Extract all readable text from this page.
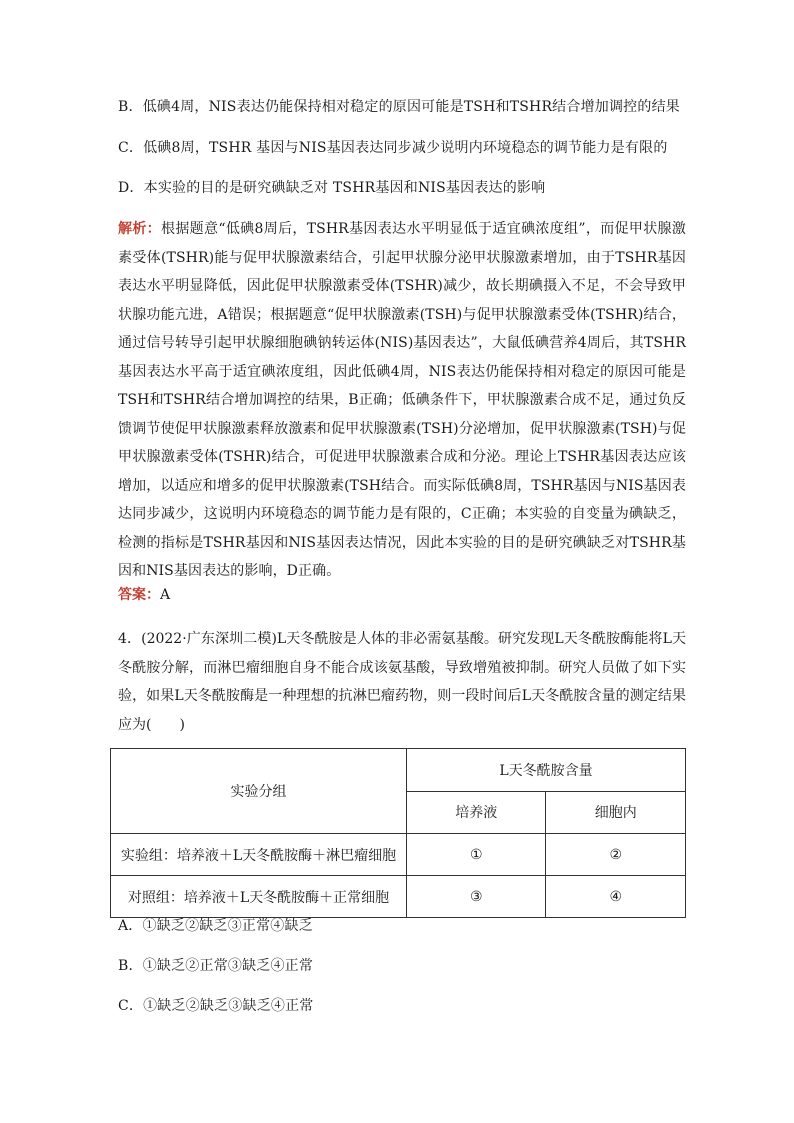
B．低碘4周，NIS表达仍能保持相对稳定的原因可能是TSH和TSHR结合增加调控的结果
C．低碘8周，TSHR 基因与NIS基因表达同步减少说明内环境稳态的调节能力是有限的
D．本实验的目的是研究碘缺乏对 TSHR基因和NIS基因表达的影响
解析：根据题意“低碘8周后，TSHR基因表达水平明显低于适宜碘浓度组”，而促甲状腺激素受体(TSHR)能与促甲状腺激素结合，引起甲状腺分泌甲状腺激素增加，由于TSHR基因表达水平明显降低，因此促甲状腺激素受体(TSHR)减少，故长期碘摄入不足，不会导致甲状腺功能亢进，A错误；根据题意“促甲状腺激素(TSH)与促甲状腺激素受体(TSHR)结合，通过信号转导引起甲状腺细胞碘钠转运体(NIS)基因表达”，大鼠低碘营养4周后，其TSHR基因表达水平高于适宜碘浓度组，因此低碘4周，NIS表达仍能保持相对稳定的原因可能是TSH和TSHR结合增加调控的结果，B正确；低碘条件下，甲状腺激素合成不足，通过负反馈调节使促甲状腺激素释放激素和促甲状腺激素(TSH)分泌增加，促甲状腺激素(TSH)与促甲状腺激素受体(TSHR)结合，可促进甲状腺激素合成和分泌。理论上TSHR基因表达应该增加，以适应和增多的促甲状腺激素(TSH结合。而实际低碘8周，TSHR基因与NIS基因表达同步减少，这说明内环境稳态的调节能力是有限的，C正确；本实验的自变量为碘缺乏，检测的指标是TSHR基因和NIS基因表达情况，因此本实验的目的是研究碘缺乏对TSHR基因和NIS基因表达的影响，D正确。
答案：A
4．(2022·广东深圳二模)L天冬酰胺是人体的非必需氨基酸。研究发现L天冬酰胺酶能将L天冬酰胺分解，而淋巴瘤细胞自身不能合成该氨基酸，导致增殖被抑制。研究人员做了如下实验，如果L天冬酰胺酶是一种理想的抗淋巴瘤药物，则一段时间后L天冬酰胺含量的测定结果应为(　　)
实验分组	L天冬酰胺含量	
	培养液	细胞内
实验组：培养液＋L天冬酰胺酶＋淋巴瘤细胞	①	②
对照组：培养液＋L天冬酰胺酶＋正常细胞	③	④
A．①缺乏②缺乏③正常④缺乏
B．①缺乏②正常③缺乏④正常
C．①缺乏②缺乏③缺乏④正常
